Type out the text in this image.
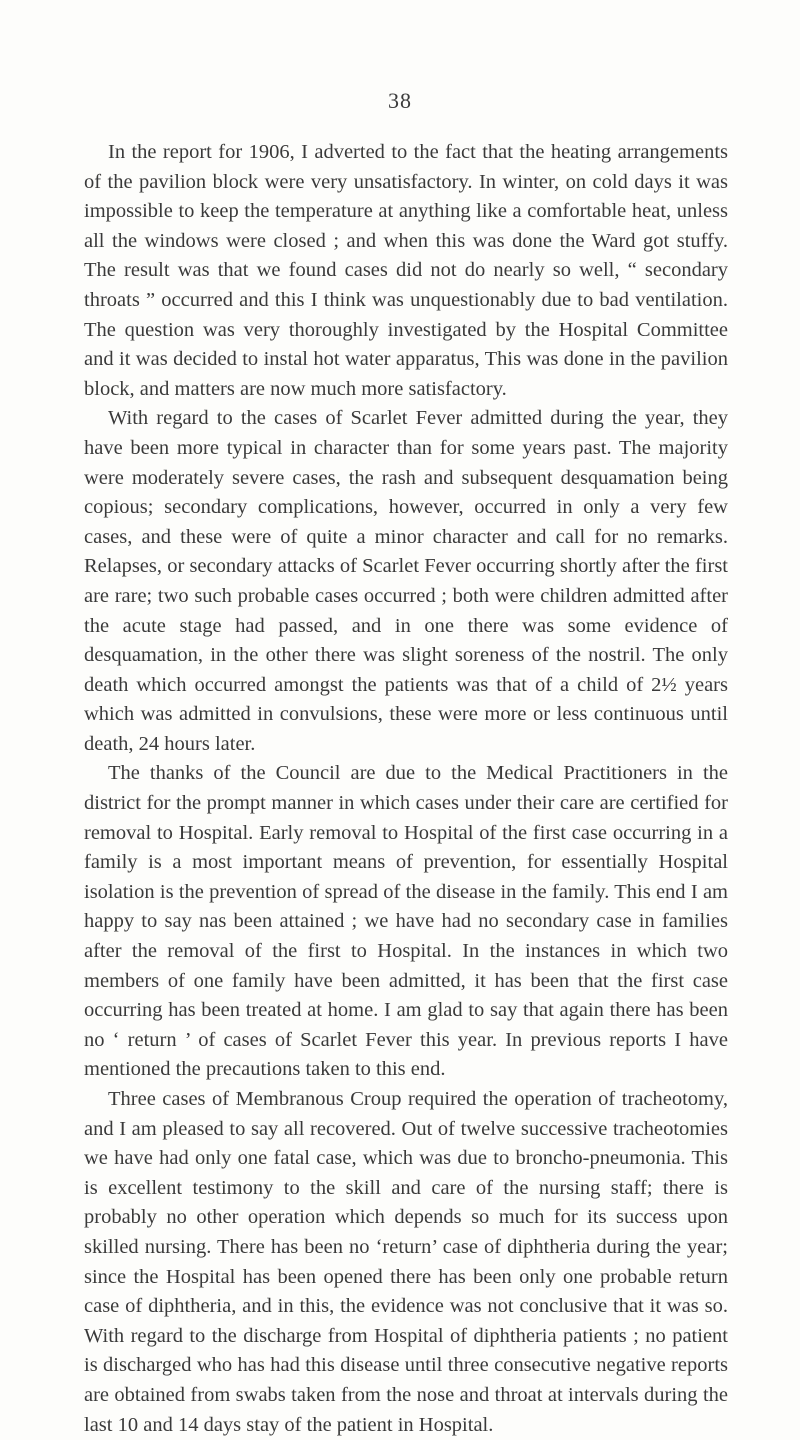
38

In the report for 1906, I adverted to the fact that the heating arrangements of the pavilion block were very unsatisfactory. In winter, on cold days it was impossible to keep the temperature at anything like a comfortable heat, unless all the windows were closed ; and when this was done the Ward got stuffy. The result was that we found cases did not do nearly so well, “ secondary throats ” occurred and this I think was unquestionably due to bad ventilation. The question was very thoroughly investigated by the Hospital Committee and it was decided to instal hot water apparatus, This was done in the pavilion block, and matters are now much more satisfactory.

With regard to the cases of Scarlet Fever admitted during the year, they have been more typical in character than for some years past. The majority were moderately severe cases, the rash and subsequent desquamation being copious; secondary complications, however, occurred in only a very few cases, and these were of quite a minor character and call for no remarks. Relapses, or secondary attacks of Scarlet Fever occurring shortly after the first are rare; two such probable cases occurred ; both were children admitted after the acute stage had passed, and in one there was some evidence of desquamation, in the other there was slight soreness of the nostril. The only death which occurred amongst the patients was that of a child of 2½ years which was admitted in convulsions, these were more or less continuous until death, 24 hours later.

The thanks of the Council are due to the Medical Practitioners in the district for the prompt manner in which cases under their care are certified for removal to Hospital. Early removal to Hospital of the first case occurring in a family is a most important means of prevention, for essentially Hospital isolation is the prevention of spread of the disease in the family. This end I am happy to say nas been attained ; we have had no secondary case in families after the removal of the first to Hospital. In the instances in which two members of one family have been admitted, it has been that the first case occurring has been treated at home. I am glad to say that again there has been no ‘ return ’ of cases of Scarlet Fever this year. In previous reports I have mentioned the precautions taken to this end.

Three cases of Membranous Croup required the operation of tracheotomy, and I am pleased to say all recovered. Out of twelve successive tracheotomies we have had only one fatal case, which was due to broncho-pneumonia. This is excellent testimony to the skill and care of the nursing staff; there is probably no other operation which depends so much for its success upon skilled nursing. There has been no ‘return’ case of diphtheria during the year; since the Hospital has been opened there has been only one probable return case of diphtheria, and in this, the evidence was not conclusive that it was so. With regard to the discharge from Hospital of diphtheria patients ; no patient is discharged who has had this disease until three consecutive negative reports are obtained from swabs taken from the nose and throat at intervals during the last 10 and 14 days stay of the patient in Hospital.
